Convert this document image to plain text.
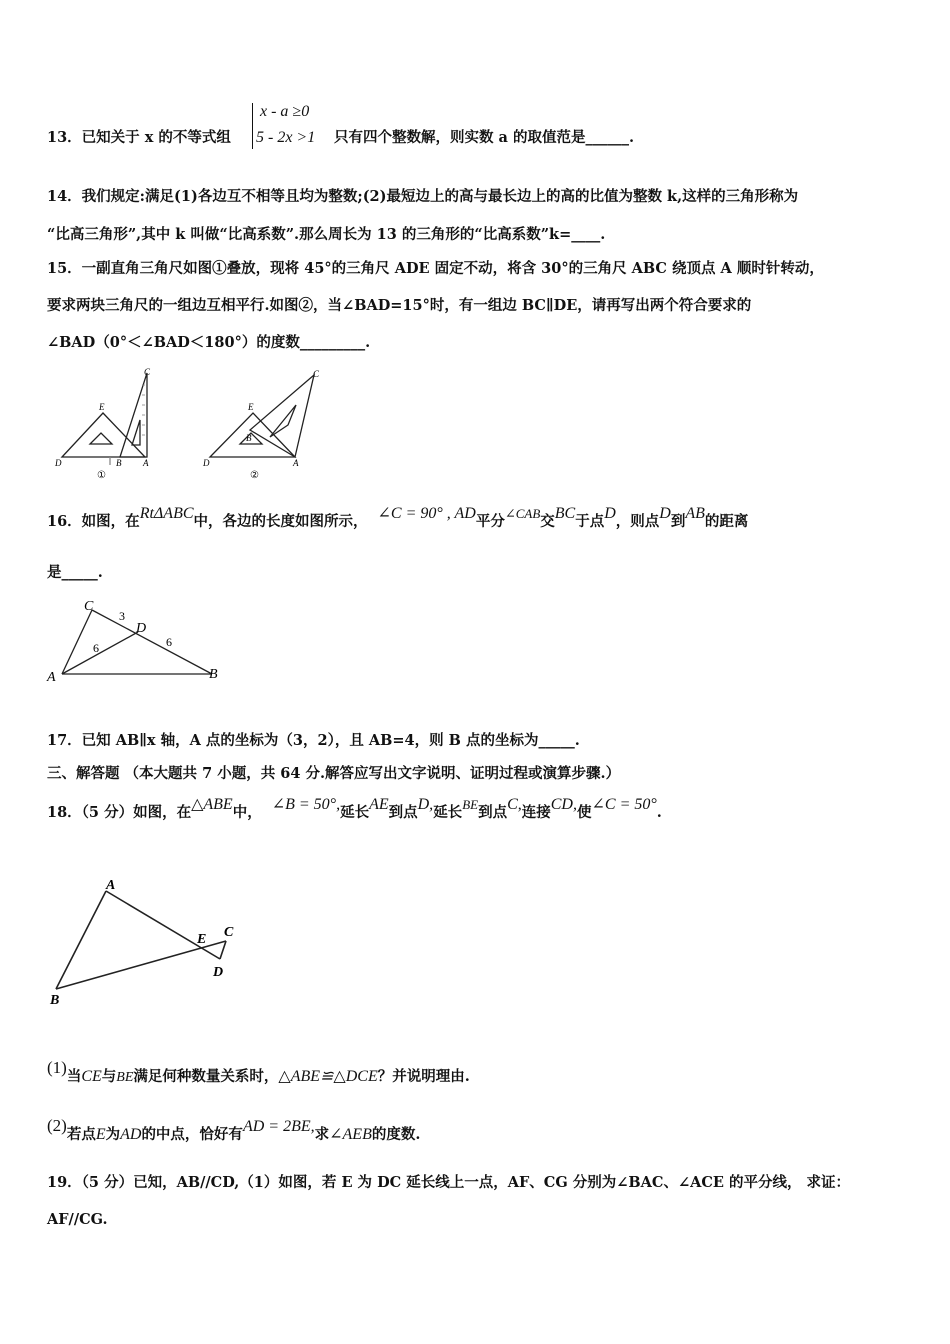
13．已知关于 x 的不等式组
x - a ≥0
5 - 2x >1 只有四个整数解，则实数 a 的取值范是______.
14．我们规定:满足(1)各边互不相等且均为整数;(2)最短边上的高与最长边上的高的比值为整数 k,这样的三角形称为
“比高三角形”,其中 k 叫做“比高系数”.那么周长为 13 的三角形的“比高系数”k=____.
15．一副直角三角尺如图①叠放，现将 45°的三角尺 ADE 固定不动，将含 30°的三角尺 ABC 绕顶点 A 顺时针转动，
要求两块三角尺的一组边互相平行.如图②，当∠BAD=15°时，有一组边 BC∥DE，请再写出两个符合要求的
∠BAD（0°＜∠BAD＜180°）的度数_________.
C
E
D	B A
①
C
E
D
B
A
②
16．如图，在RtΔABC中，各边的长度如图所示， ∠C = 90° , AD平分∠CAB交BC于点D，则点D到AB的距离
是_____.
C
D
A	B
3
6	6
17．已知 AB∥x 轴，A 点的坐标为（3，2），且 AB=4，则 B 点的坐标为_____.
三、解答题 （本大题共 7 小题，共 64 分.解答应写出文字说明、证明过程或演算步骤.）
18．（5 分）如图，在△ABE中， ∠B = 50°,延长AE到点D,延长BE到点C,连接CD,使∠C = 50°.
A
B
E C
D
(1)当CE与BE满足何种数量关系时，△ABE≌△DCE？并说明理由.
(2)若点E为AD的中点，恰好有AD = 2BE,求∠AEB的度数.
19．（5 分）已知，AB//CD,（1）如图，若 E 为 DC 延长线上一点，AF、CG 分别为∠BAC、∠ACE 的平分线， 求证：
AF//CG.
